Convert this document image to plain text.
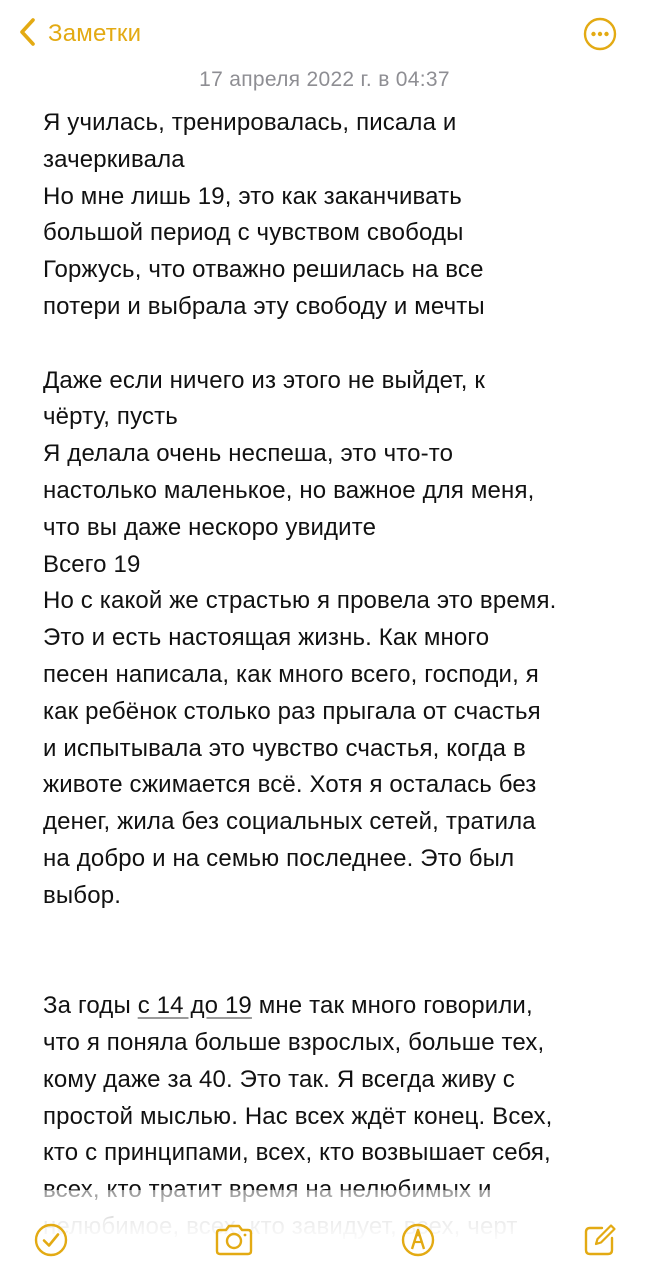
Заметки
17 апреля 2022 г. в 04:37
Я училась, тренировалась, писала и
зачеркивала
Но мне лишь 19, это как заканчивать
большой период с чувством свободы
Горжусь, что отважно решилась на все
потери и выбрала эту свободу и мечты
Даже если ничего из этого не выйдет, к
чёрту, пусть
Я делала очень неспеша, это что-то
настолько маленькое, но важное для меня,
что вы даже нескоро увидите
Всего 19
Но с какой же страстью я провела это время.
Это и есть настоящая жизнь. Как много
песен написала, как много всего, господи, я
как ребёнок столько раз прыгала от счастья
и испытывала это чувство счастья, когда в
животе сжимается всё. Хотя я осталась без
денег, жила без социальных сетей, тратила
на добро и на семью последнее. Это был
выбор.
За годы с 14 до 19 мне так много говорили,
что я поняла больше взрослых, больше тех,
кому даже за 40. Это так. Я всегда живу с
простой мыслью. Нас всех ждёт конец. Всех,
кто с принципами, всех, кто возвышает себя,
